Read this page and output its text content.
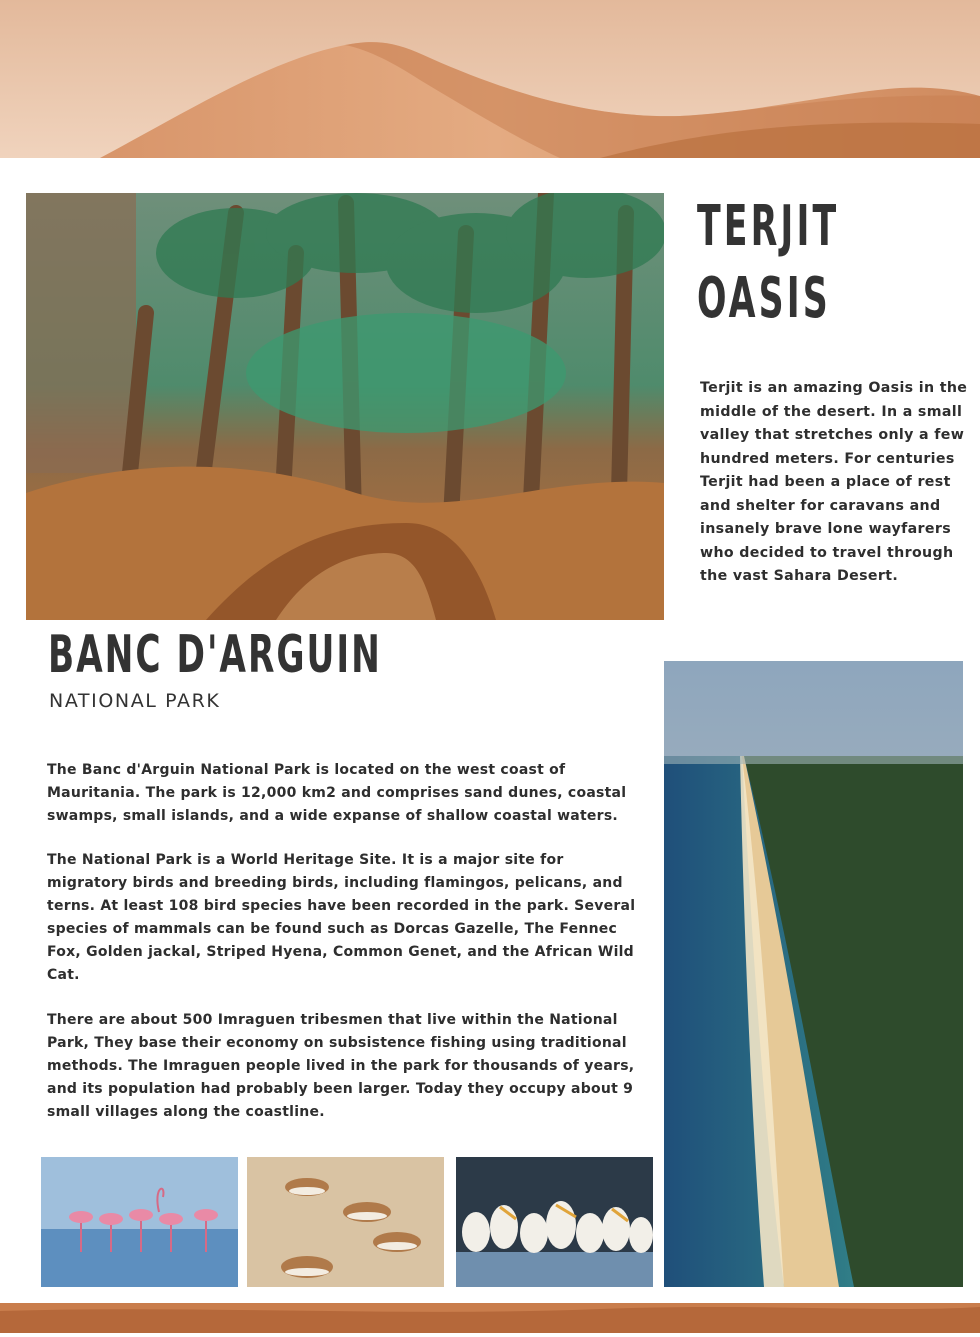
TERJIT
OASIS
Terjit is an amazing Oasis in the middle of the desert. In a small valley that stretches only a few hundred meters. For centuries Terjit had been a place of rest and shelter for caravans and insanely brave lone wayfarers who decided to travel through the vast Sahara Desert.
BANC D'ARGUIN
NATIONAL PARK

The Banc d'Arguin National Park is located on the west coast of Mauritania. The park is 12,000 km2 and comprises sand dunes, coastal swamps, small islands, and a wide expanse of shallow coastal waters.

The National Park is a World Heritage Site. It is a major site for migratory birds and breeding birds, including flamingos, pelicans, and terns. At least 108 bird species have been recorded in the park. Several species of mammals can be found such as Dorcas Gazelle, The Fennec Fox, Golden jackal, Striped Hyena, Common Genet, and the African Wild Cat.

There are about 500 Imraguen tribesmen that live within the National Park, They base their economy on subsistence fishing using traditional methods. The Imraguen people lived in the park for thousands of years, and its population had probably been larger. Today they occupy about 9 small villages along the coastline.
